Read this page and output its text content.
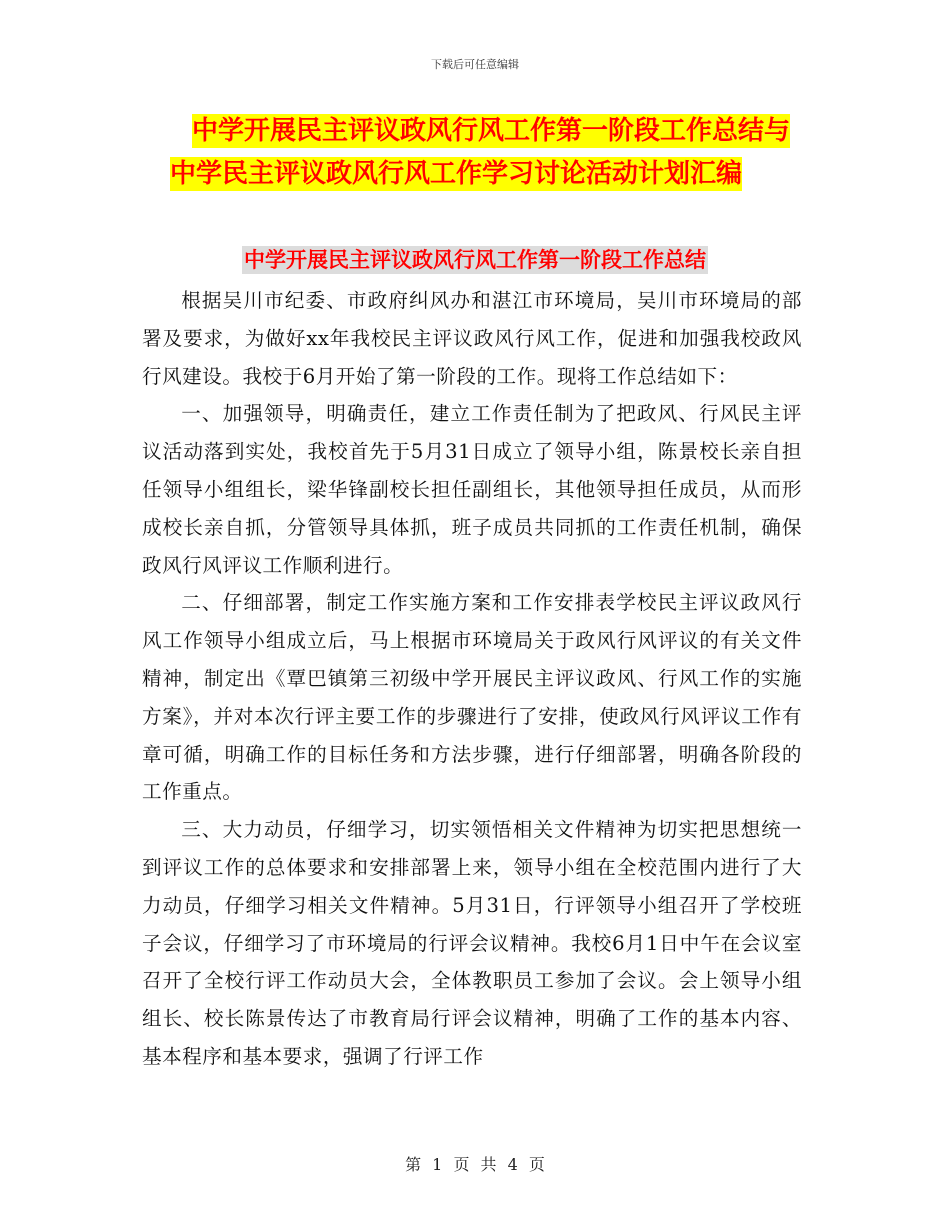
下载后可任意编辑
中学开展民主评议政风行风工作第一阶段工作总结与
中学民主评议政风行风工作学习讨论活动计划汇编
中学开展民主评议政风行风工作第一阶段工作总结

根据吴川市纪委、市政府纠风办和湛江市环境局，吴川市环境局的部署及要求，为做好xx年我校民主评议政风行风工作，促进和加强我校政风行风建设。我校于6月开始了第一阶段的工作。现将工作总结如下：

一、加强领导，明确责任，建立工作责任制为了把政风、行风民主评议活动落到实处，我校首先于5月31日成立了领导小组，陈景校长亲自担任领导小组组长，梁华锋副校长担任副组长，其他领导担任成员，从而形成校长亲自抓，分管领导具体抓，班子成员共同抓的工作责任机制，确保政风行风评议工作顺利进行。

二、仔细部署，制定工作实施方案和工作安排表学校民主评议政风行风工作领导小组成立后，马上根据市环境局关于政风行风评议的有关文件精神，制定出《覃巴镇第三初级中学开展民主评议政风、行风工作的实施方案》，并对本次行评主要工作的步骤进行了安排，使政风行风评议工作有章可循，明确工作的目标任务和方法步骤，进行仔细部署，明确各阶段的工作重点。

三、大力动员，仔细学习，切实领悟相关文件精神为切实把思想统一到评议工作的总体要求和安排部署上来，领导小组在全校范围内进行了大力动员，仔细学习相关文件精神。5月31日，行评领导小组召开了学校班子会议，仔细学习了市环境局的行评会议精神。我校6月1日中午在会议室召开了全校行评工作动员大会，全体教职员工参加了会议。会上领导小组组长、校长陈景传达了市教育局行评会议精神，明确了工作的基本内容、基本程序和基本要求，强调了行评工作

第 1 页 共 4 页
